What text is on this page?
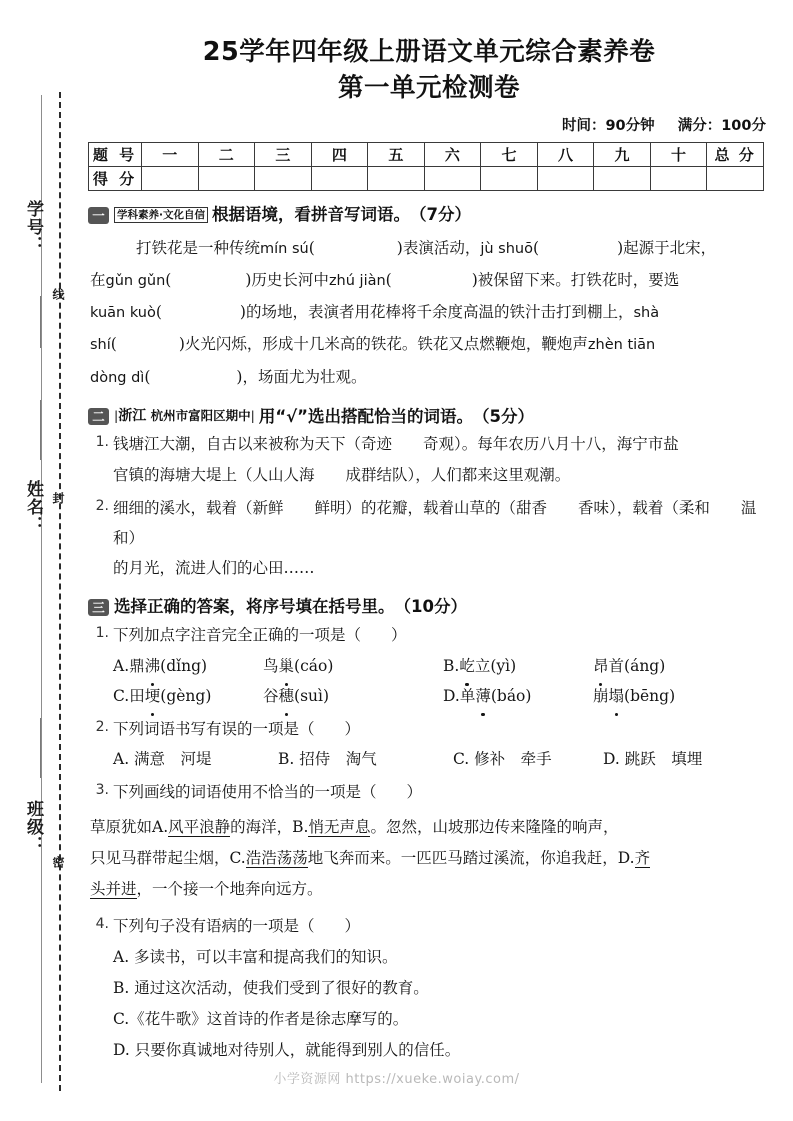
学号：
线
姓名： 封
班级：
密
25学年四年级上册语文单元综合素养卷
第一单元检测卷
时间：90分钟 满分：100分
题 号	一	二	三	四	五	六	七	八	九	十	总 分
得 分											
一	学科素养·文化自信 根据语境，看拼音写词语。 （7分）
打铁花是一种传统mín sú(	)表演活动，jù shuō(	)起源于北宋，
在gǔn gǔn(	)历史长河中zhú jiàn(	)被保留下来。打铁花时，要选
kuān kuò(	)的场地，表演者用花棒将千余度高温的铁汁击打到棚上，shà
shí(	)火光闪烁，形成十几米高的铁花。铁花又点燃鞭炮，鞭炮声zhèn tiān
dòng dì(	)，场面尤为壮观。
二 |浙江 杭州市富阳区期中| 用“√”选出搭配恰当的词语。 （5分）
1. 钱塘江大潮，自古以来被称为天下（奇迹　　奇观）。每年农历八月十八，海宁市盐
官镇的海塘大堤上（人山人海　　成群结队），人们都来这里观潮。
2. 细细的溪水，载着（新鲜　　鲜明）的花瓣，载着山草的（甜香　　香味），载着（柔和　　温和）
的月光，流进人们的心田……
三 选择正确的答案，将序号填在括号里。 （10分）
1. 下列加点字注音完全正确的一项是（ ）
A.鼎沸(dǐng)	鸟巢(cáo)	B.屹立(yì)	昂首(áng)
C.田埂(gèng)	谷穗(suì)	D.单薄(báo)	崩塌(bēng)
2. 下列词语书写有误的一项是（ ）
A. 满意　河堤	B. 招侍　淘气	C. 修补　牵手	D. 跳跃　填埋
3. 下列画线的词语使用不恰当的一项是（ ）
草原犹如A.风平浪静的海洋，B.悄无声息。忽然，山坡那边传来隆隆的响声，
只见马群带起尘烟，C.浩浩荡荡地飞奔而来。一匹匹马踏过溪流，你追我赶，D.齐
头并进，一个接一个地奔向远方。
4. 下列句子没有语病的一项是（ ）
A. 多读书，可以丰富和提高我们的知识。
B. 通过这次活动，使我们受到了很好的教育。
C.《花牛歌》这首诗的作者是徐志摩写的。
D. 只要你真诚地对待别人，就能得到别人的信任。
小学资源网 https://xueke.woiay.com/
